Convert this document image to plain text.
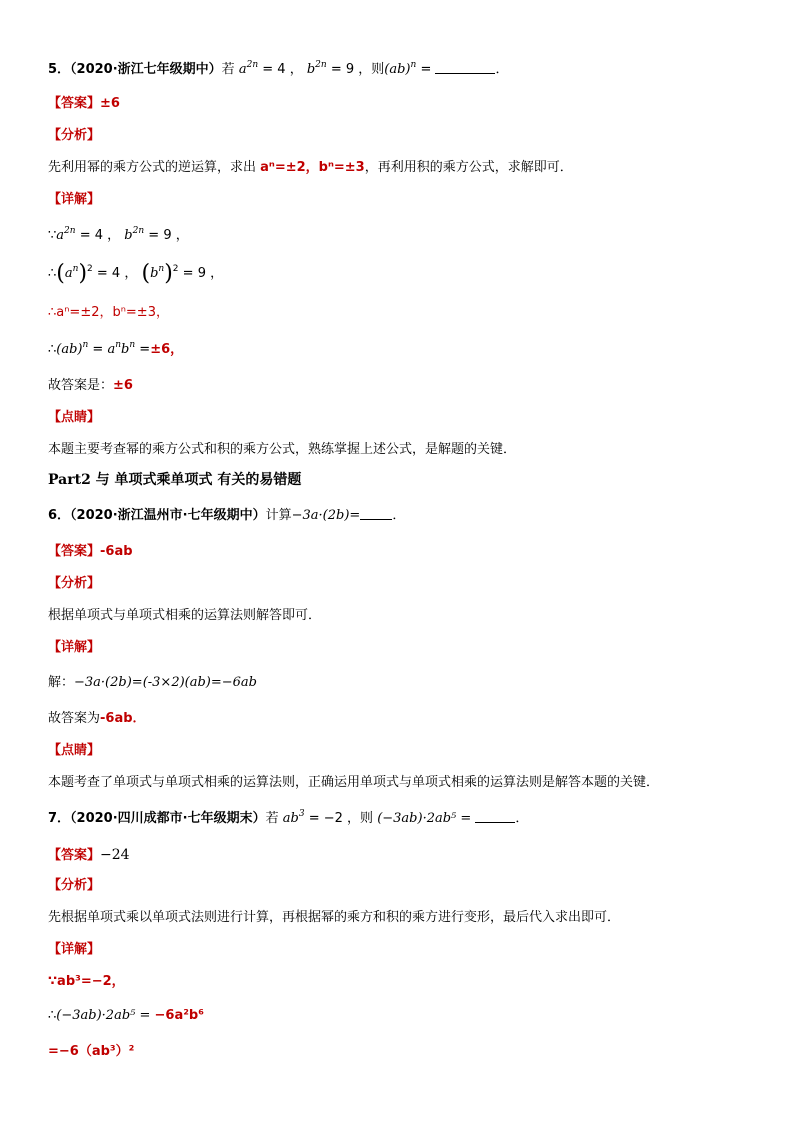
5．（2020·浙江七年级期中）若 $a^{2n} = 4$ ， $b^{2n} = 9$ ，则(ab)$^n$ =	．
【答案】±6
【分析】
先利用幂的乘方公式的逆运算，求出 aⁿ=±2，bⁿ=±3，再利用积的乘方公式，求解即可．
【详解】
$\because a^{2n} = 4$ ， $b^{2n} = 9$ ，
$\therefore(a^n)^2 = 4$ ， $(b^n)^2 = 9$ ，
∴aⁿ=±2，bⁿ=±3，
∴(ab)$^n$ = $a^nb^n =\pm 6$，
故答案是：±6
【点睛】
本题主要考查幂的乘方公式和积的乘方公式，熟练掌握上述公式，是解题的关键．
Part2 与 单项式乘单项式 有关的易错题
6．（2020·浙江温州市·七年级期中）计算−3a·(2b)= ．
【答案】-6ab
【分析】
根据单项式与单项式相乘的运算法则解答即可．
【详解】
解：−3a·(2b)=(-3×2)(ab)=−6ab
故答案为-6ab．
【点睛】
本题考查了单项式与单项式相乘的运算法则，正确运用单项式与单项式相乘的运算法则是解答本题的关键．
7．（2020·四川成都市·七年级期末）若 $ab^3 = -2$ ，则 (−3ab)·2ab⁵ =	．
【答案】−24
【分析】
先根据单项式乘以单项式法则进行计算，再根据幂的乘方和积的乘方进行变形，最后代入求出即可．
【详解】
∵ab³=−2，
∴(−3ab)·2ab⁵ = −6a²b⁶
=−6（ab³）²
